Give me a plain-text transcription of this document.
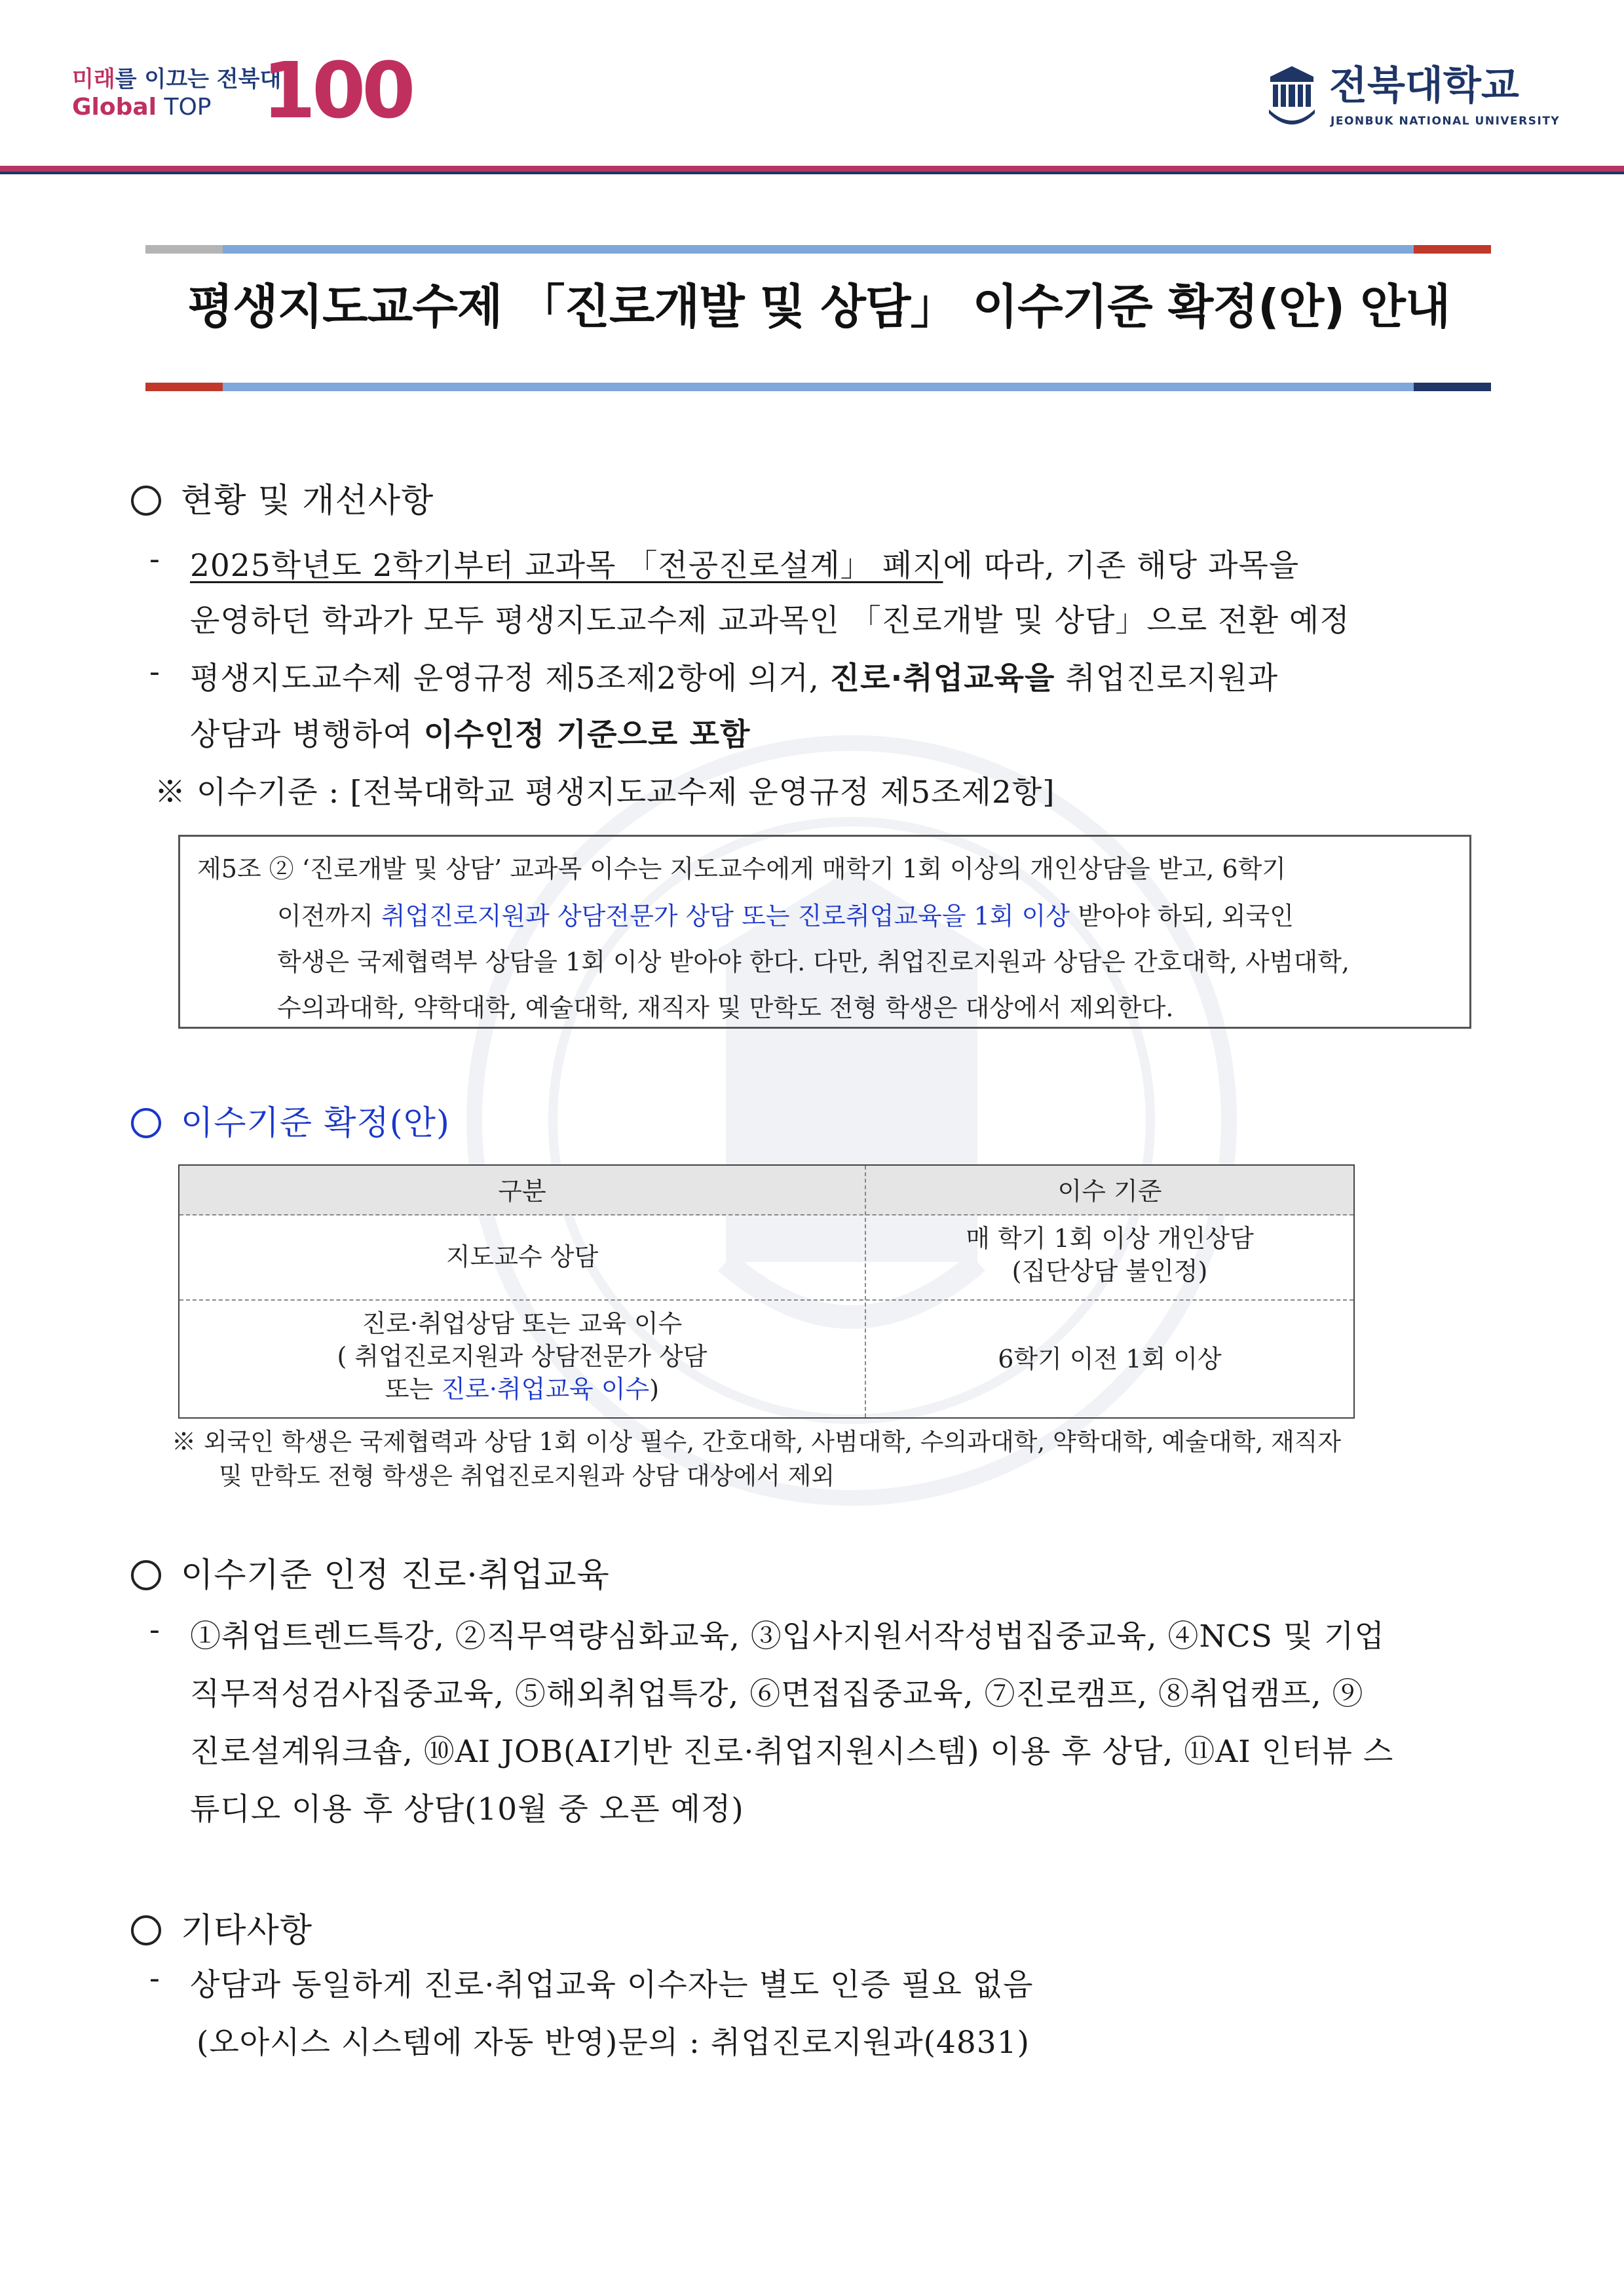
미래를 이끄는 전북대
Global TOP 100	전북대학교
JEONBUK NATIONAL UNIVERSITY
평생지도교수제 「진로개발 및 상담」 이수기준 확정(안) 안내
현황 및 개선사항
- 2025학년도 2학기부터 교과목 「전공진로설계」 폐지에 따라, 기존 해당 과목을
운영하던 학과가 모두 평생지도교수제 교과목인 「진로개발 및 상담」으로 전환 예정
- 평생지도교수제 운영규정 제5조제2항에 의거, 진로·취업교육을 취업진로지원과
상담과 병행하여 이수인정 기준으로 포함
※ 이수기준 : [전북대학교 평생지도교수제 운영규정 제5조제2항]
제5조 ② ‘진로개발 및 상담’ 교과목 이수는 지도교수에게 매학기 1회 이상의 개인상담을 받고, 6학기
이전까지 취업진로지원과 상담전문가 상담 또는 진로취업교육을 1회 이상 받아야 하되, 외국인
학생은 국제협력부 상담을 1회 이상 받아야 한다. 다만, 취업진로지원과 상담은 간호대학, 사범대학,
수의과대학, 약학대학, 예술대학, 재직자 및 만학도 전형 학생은 대상에서 제외한다.
이수기준 확정(안)
구분	이수 기준
지도교수 상담
매 학기 1회 이상 개인상담
(집단상담 불인정)
진로·취업상담 또는 교육 이수
( 취업진로지원과 상담전문가 상담
또는 진로·취업교육 이수)
6학기 이전 1회 이상
※ 외국인 학생은 국제협력과 상담 1회 이상 필수, 간호대학, 사범대학, 수의과대학, 약학대학, 예술대학, 재직자
및 만학도 전형 학생은 취업진로지원과 상담 대상에서 제외
이수기준 인정 진로·취업교육
- ①취업트렌드특강, ②직무역량심화교육, ③입사지원서작성법집중교육, ④NCS 및 기업
직무적성검사집중교육, ⑤해외취업특강, ⑥면접집중교육, ⑦진로캠프, ⑧취업캠프, ⑨
진로설계워크숍, ⑩AI JOB(AI기반 진로·취업지원시스템) 이용 후 상담, ⑪AI 인터뷰 스
튜디오 이용 후 상담(10월 중 오픈 예정)
기타사항
- 상담과 동일하게 진로·취업교육 이수자는 별도 인증 필요 없음
(오아시스 시스템에 자동 반영)문의 : 취업진로지원과(4831)
